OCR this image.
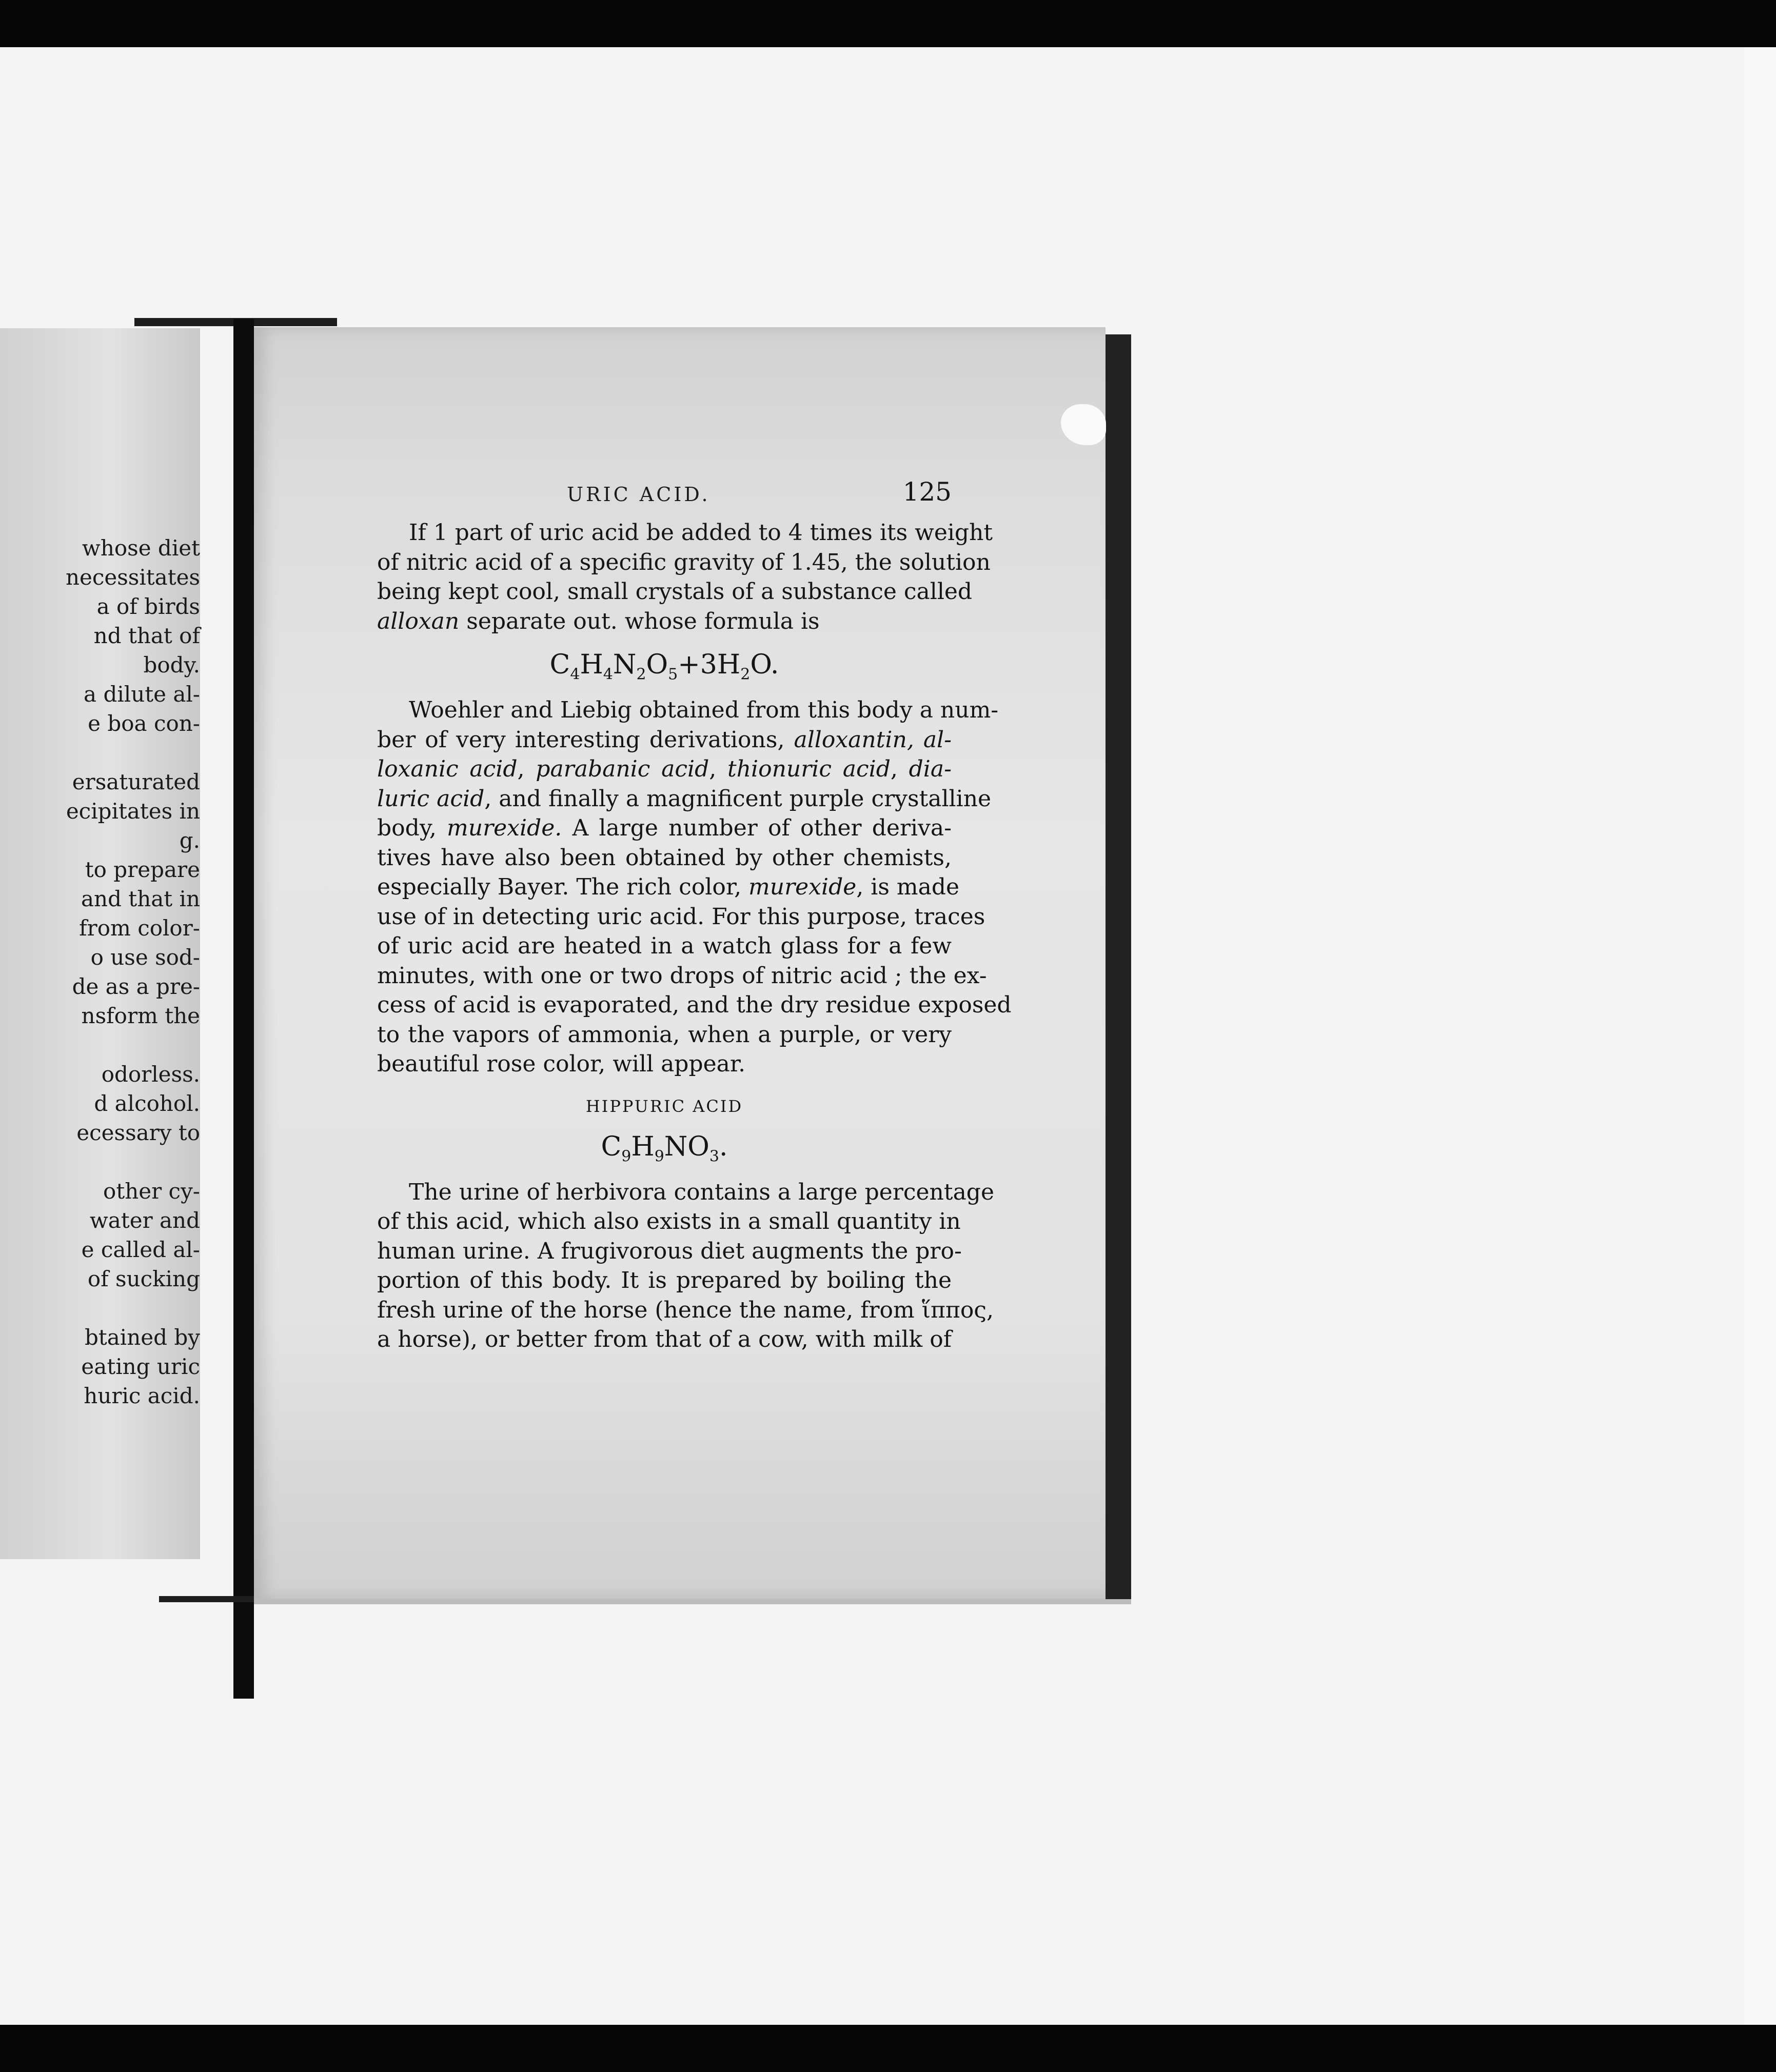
whose diet
necessitates
a of birds
nd that of
body.
a dilute al-
e boa con-
ersaturated
ecipitates in
g.
to prepare
and that in
from color-
o use sod-
de as a pre-
nsform the
odorless.
d alcohol.
ecessary to
other cy-
water and
e called al-
of sucking
btained by
eating uric
huric acid.
URIC ACID.	125
If 1 part of uric acid be added to 4 times its weight
of nitric acid of a specific gravity of 1.45, the solution
being kept cool, small crystals of a substance called
alloxan separate out. whose formula is
$C_4H_4N_2O_5+3H_2O$.
Woehler and Liebig obtained from this body a num-
ber of very interesting derivations, alloxantin, al-
loxanic acid, parabanic acid, thionuric acid, dia-
luric acid, and finally a magnificent purple crystalline
body, murexide. A large number of other deriva-
tives have also been obtained by other chemists,
especially Bayer. The rich color, murexide, is made
use of in detecting uric acid. For this purpose, traces
of uric acid are heated in a watch glass for a few
minutes, with one or two drops of nitric acid ; the ex-
cess of acid is evaporated, and the dry residue exposed
to the vapors of ammonia, when a purple, or very
beautiful rose color, will appear.
HIPPURIC ACID
$C_9H_9NO_3$.
The urine of herbivora contains a large percentage
of this acid, which also exists in a small quantity in
human urine. A frugivorous diet augments the pro-
portion of this body. It is prepared by boiling the
fresh urine of the horse (hence the name, from ἵππος,
a horse), or better from that of a cow, with milk of
